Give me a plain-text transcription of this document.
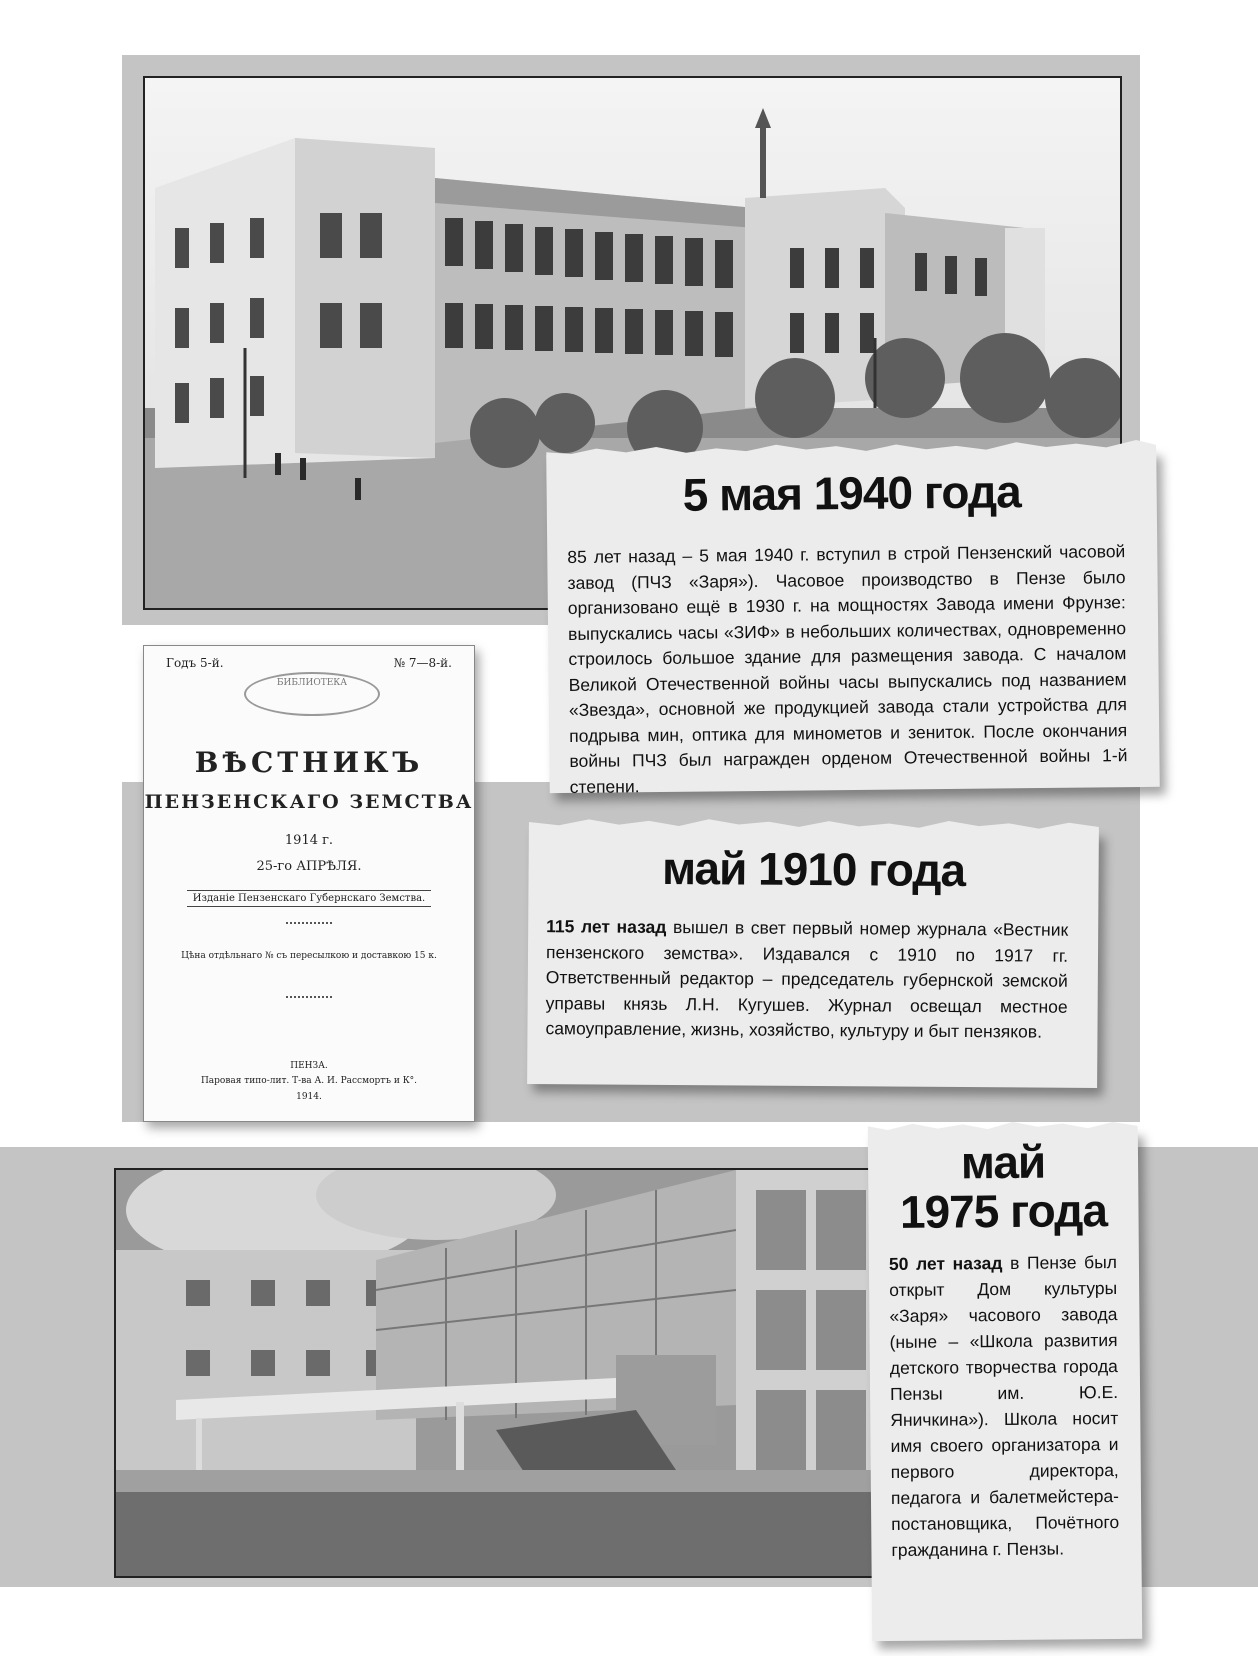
Годъ 5-й.	№ 7—8-й.
БИБЛИОТЕКА
ВѢСТНИКЪ
ПЕНЗЕНСКАГО ЗЕМСТВА
1914 г.
25-го АПРѢЛЯ.
Изданіе Пензенскаго Губернскаго Земства.
Цѣна отдѣльнаго № съ пересылкою и доставкою 15 к.
ПЕНЗА.
Паровая типо-лит. Т-ва А. И. Рассмортъ и К°.
1914.
5 мая 1940 года

85 лет назад – 5 мая 1940 г. вступил в строй Пензенский часовой завод (ПЧЗ «Заря»). Часовое производство в Пензе было организовано ещё в 1930 г. на мощностях Завода имени Фрунзе: выпускались часы «ЗИФ» в небольших количествах, одновременно строилось большое здание для размещения завода. С началом Великой Отечественной войны часы выпускались под названием «Звезда», основной же продукцией завода стали устройства для подрыва мин, оптика для минометов и зениток. После окончания войны ПЧЗ был награжден орденом Отечественной войны 1-й степени.

май 1910 года

115 лет назад вышел в свет первый номер журнала «Вестник пензенского земства». Издавался с 1910 по 1917 гг. Ответственный редактор – председатель губернской земской управы князь Л.Н. Кугушев. Журнал освещал местное самоуправление, жизнь, хозяйство, культуру и быт пензяков.

май
1975 года

50 лет назад в Пензе был открыт Дом культуры «Заря» часового завода (ныне – «Школа развития детского творчества города Пензы им. Ю.Е. Яничкина»). Школа носит имя своего организатора и первого директора, педагога и балетмейстера-постановщика, Почётного гражданина г. Пензы.
